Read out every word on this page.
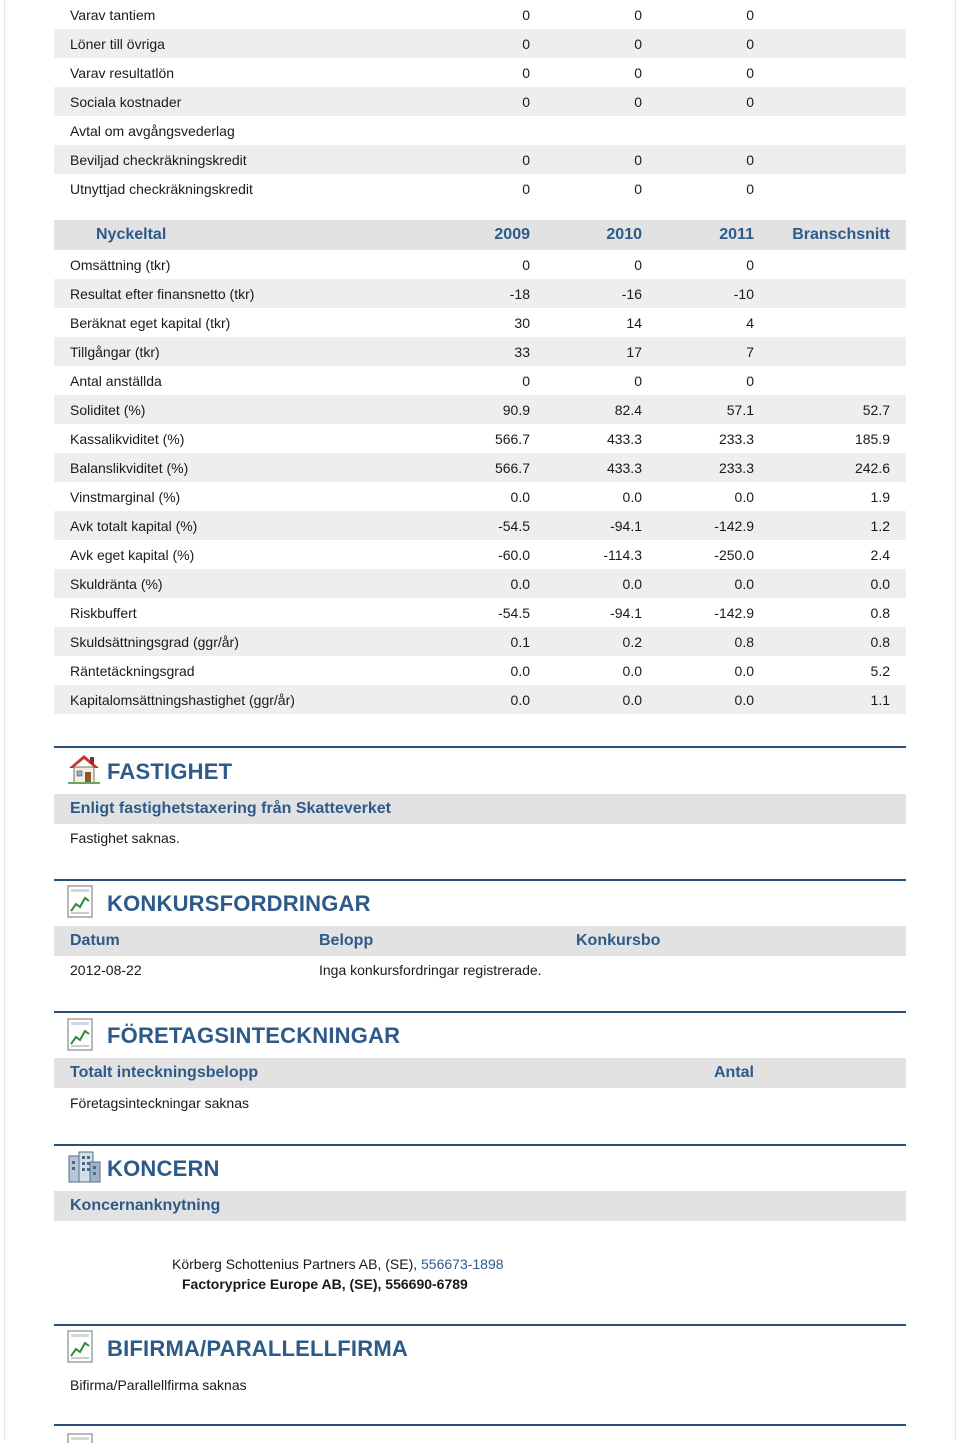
Varav tantiem	0	0	0	
Löner till övriga	0	0	0	
Varav resultatlön	0	0	0	
Sociala kostnader	0	0	0	
Avtal om avgångsvederlag				
Beviljad checkräkningskredit	0	0	0	
Utnyttjad checkräkningskredit	0	0	0	
Nyckeltal	2009	2010	2011	Branschsnitt
Omsättning (tkr)	0	0	0	
Resultat efter finansnetto (tkr)	-18	-16	-10	
Beräknat eget kapital (tkr)	30	14	4	
Tillgångar (tkr)	33	17	7	
Antal anställda	0	0	0	
Soliditet (%)	90.9	82.4	57.1	52.7
Kassalikviditet (%)	566.7	433.3	233.3	185.9
Balanslikviditet (%)	566.7	433.3	233.3	242.6
Vinstmarginal (%)	0.0	0.0	0.0	1.9
Avk totalt kapital (%)	-54.5	-94.1	-142.9	1.2
Avk eget kapital (%)	-60.0	-114.3	-250.0	2.4
Skuldränta (%)	0.0	0.0	0.0	0.0
Riskbuffert	-54.5	-94.1	-142.9	0.8
Skuldsättningsgrad (ggr/år)	0.1	0.2	0.8	0.8
Räntetäckningsgrad	0.0	0.0	0.0	5.2
Kapitalomsättningshastighet (ggr/år)	0.0	0.0	0.0	1.1
FASTIGHET
Enligt fastighetstaxering från Skatteverket
Fastighet saknas.
KONKURSFORDRINGAR
Datum	Belopp	Konkursbo
2012-08-22	Inga konkursfordringar registrerade.
FÖRETAGSINTECKNINGAR
Totalt inteckningsbelopp	Antal
Företagsinteckningar saknas
KONCERN
Koncernanknytning
Körberg Schottenius Partners AB, (SE), 556673-1898
Factoryprice Europe AB, (SE), 556690-6789
BIFIRMA/PARALLELLFIRMA
Bifirma/Parallellfirma saknas
